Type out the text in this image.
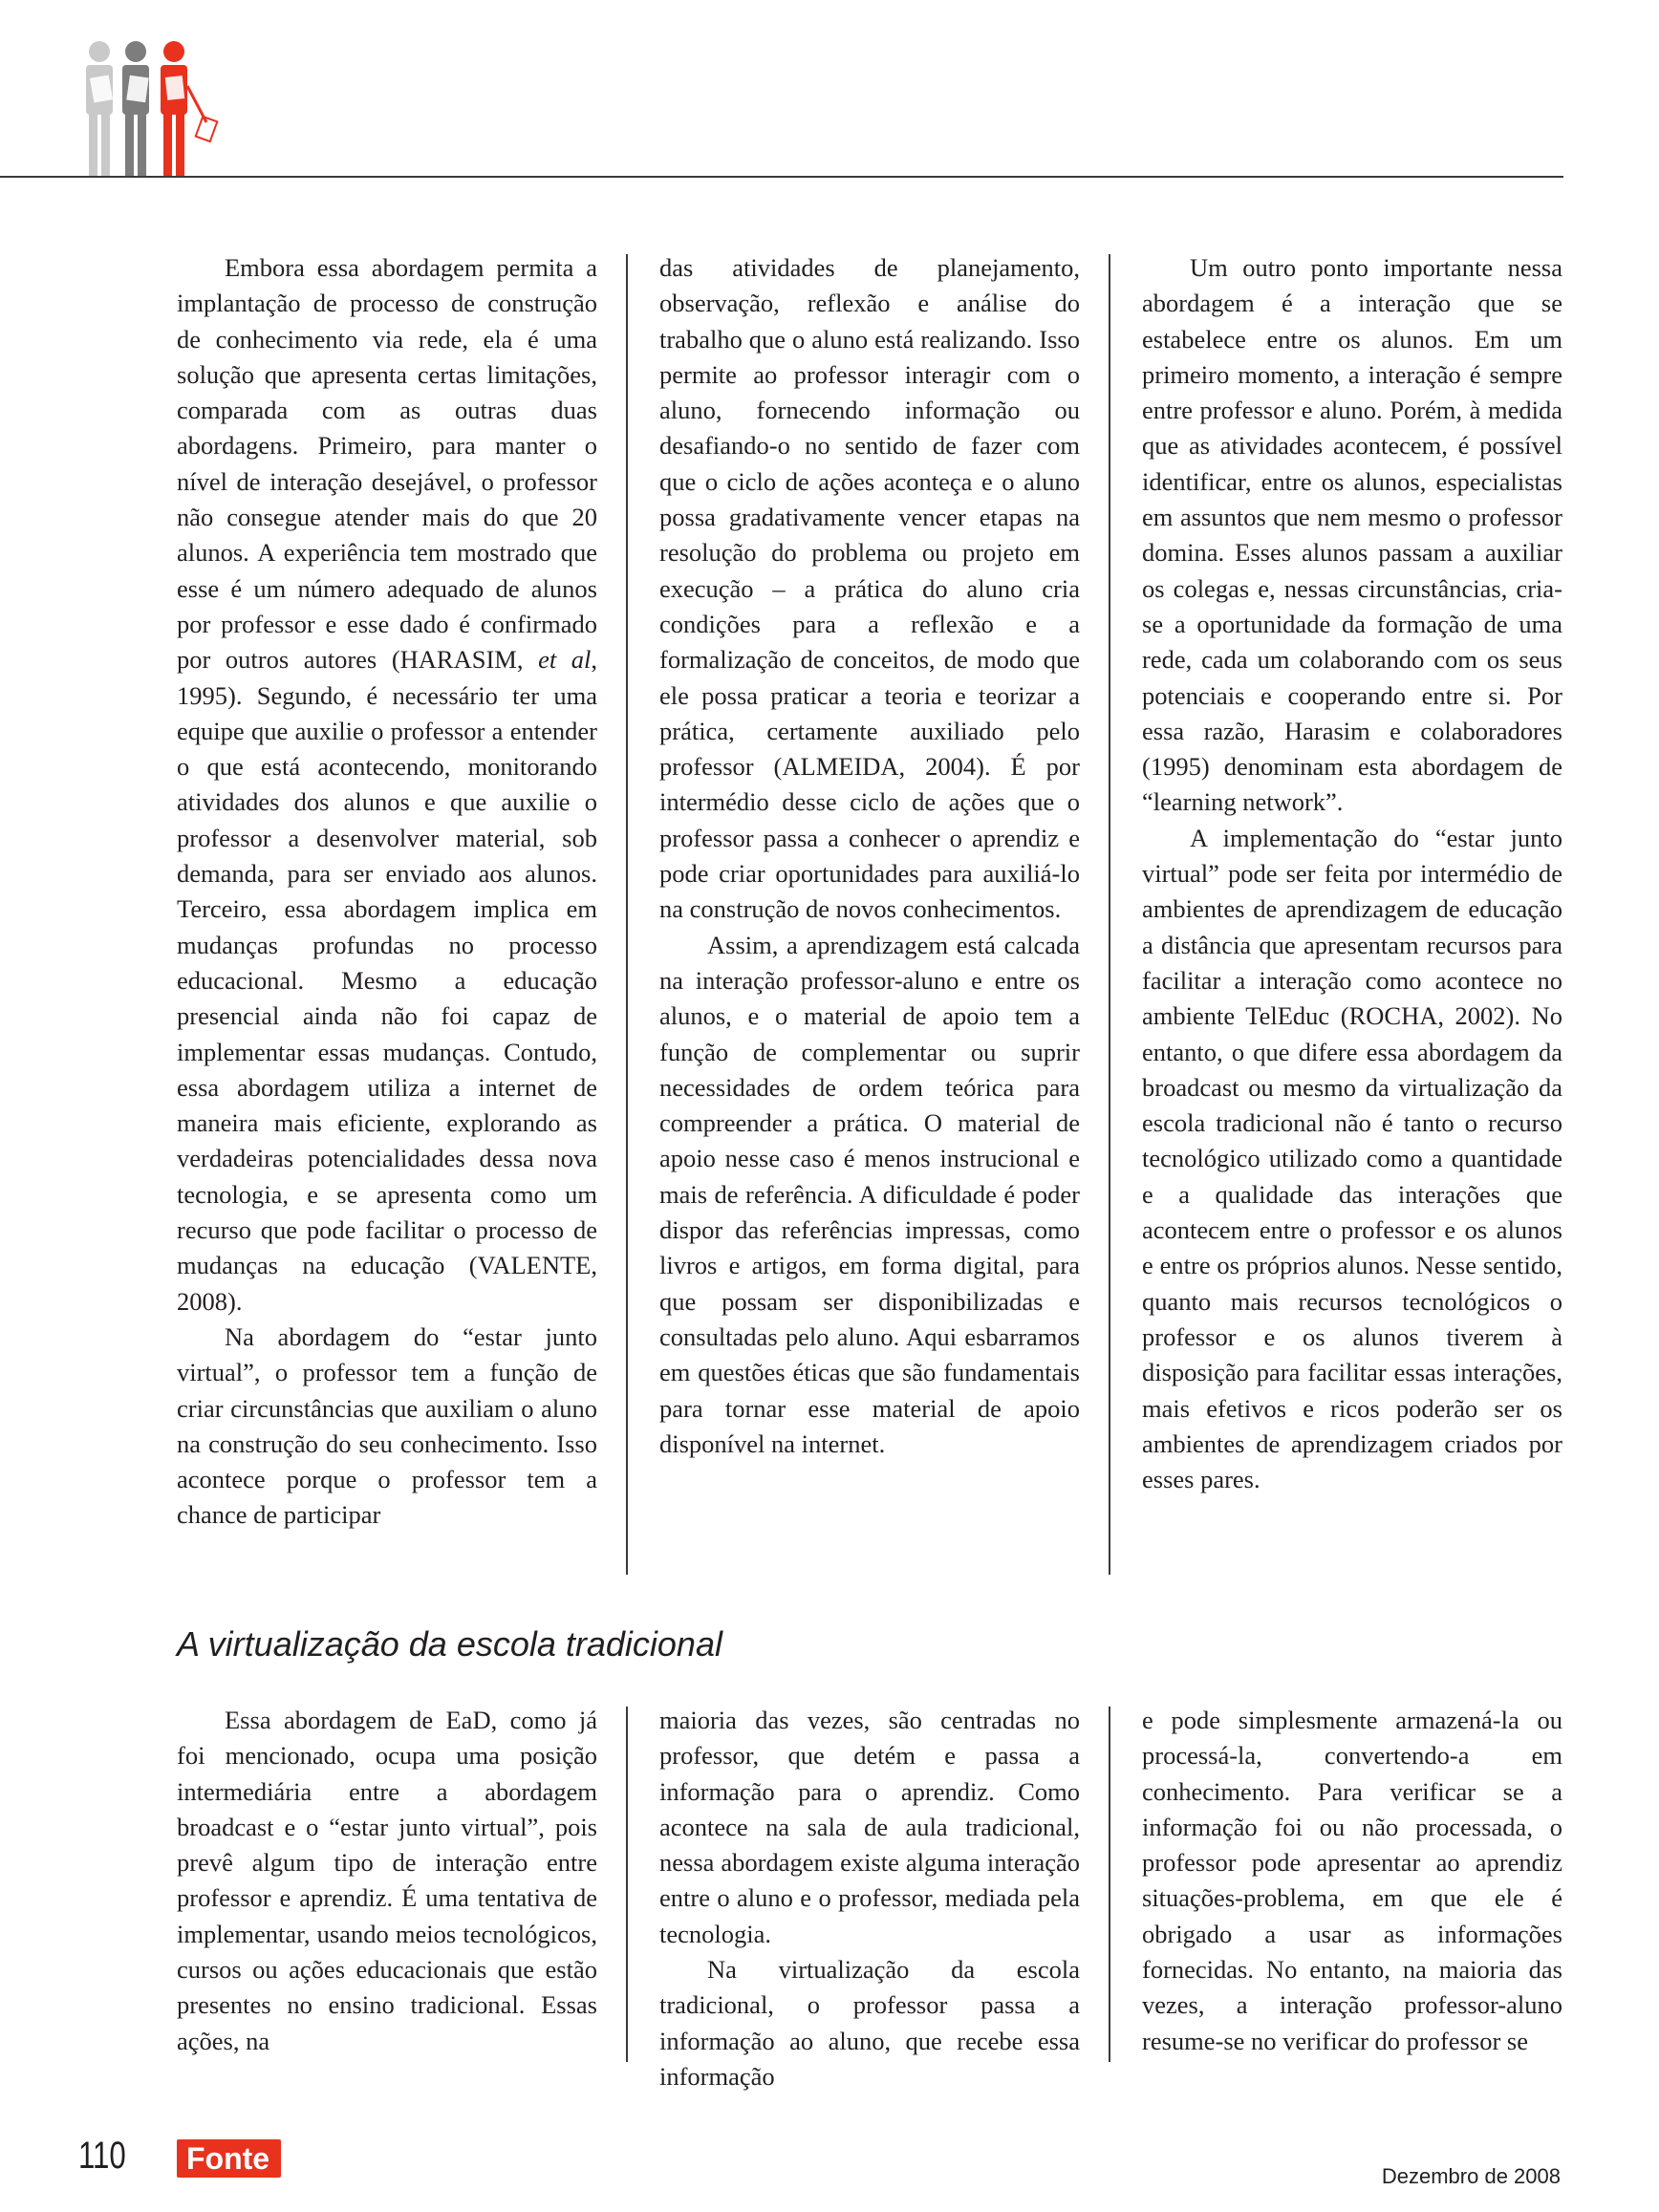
Embora essa abordagem permita a implantação de processo de construção de conhecimento via rede, ela é uma solução que apresenta certas limitações, comparada com as outras duas abordagens. Primeiro, para manter o nível de interação desejável, o professor não consegue atender mais do que 20 alunos. A experiência tem mostrado que esse é um número adequado de alunos por professor e esse dado é confirmado por outros autores (HARASIM, et al, 1995). Segundo, é necessário ter uma equipe que auxilie o professor a entender o que está acontecendo, monitorando atividades dos alunos e que auxilie o professor a desenvolver material, sob demanda, para ser enviado aos alunos. Terceiro, essa abordagem implica em mudanças profundas no processo educacional. Mesmo a educação presencial ainda não foi capaz de implementar essas mudanças. Contudo, essa abordagem utiliza a internet de maneira mais eficiente, explorando as verdadeiras potencialidades dessa nova tecnologia, e se apresenta como um recurso que pode facilitar o processo de mudanças na educação (VALENTE, 2008).

Na abordagem do “estar junto virtual”, o professor tem a função de criar circunstâncias que auxiliam o aluno na construção do seu conhecimento. Isso acontece porque o professor tem a chance de participar

das atividades de planejamento, observação, reflexão e análise do trabalho que o aluno está realizando. Isso permite ao professor interagir com o aluno, fornecendo informação ou desafiando-o no sentido de fazer com que o ciclo de ações aconteça e o aluno possa gradativamente vencer etapas na resolução do problema ou projeto em execução – a prática do aluno cria condições para a reflexão e a formalização de conceitos, de modo que ele possa praticar a teoria e teorizar a prática, certamente auxiliado pelo professor (ALMEIDA, 2004). É por intermédio desse ciclo de ações que o professor passa a conhecer o aprendiz e pode criar oportunidades para auxiliá-lo na construção de novos conhecimentos.

Assim, a aprendizagem está calcada na interação professor-aluno e entre os alunos, e o material de apoio tem a função de complementar ou suprir necessidades de ordem teórica para compreender a prática. O material de apoio nesse caso é menos instrucional e mais de referência. A dificuldade é poder dispor das referências impressas, como livros e artigos, em forma digital, para que possam ser disponibilizadas e consultadas pelo aluno. Aqui esbarramos em questões éticas que são fundamentais para tornar esse material de apoio disponível na internet.

Um outro ponto importante nessa abordagem é a interação que se estabelece entre os alunos. Em um primeiro momento, a interação é sempre entre professor e aluno. Porém, à medida que as atividades acontecem, é possível identificar, entre os alunos, especialistas em assuntos que nem mesmo o professor domina. Esses alunos passam a auxiliar os colegas e, nessas circunstâncias, cria-se a oportunidade da formação de uma rede, cada um colaborando com os seus potenciais e cooperando entre si. Por essa razão, Harasim e colaboradores (1995) denominam esta abordagem de “learning network”.

A implementação do “estar junto virtual” pode ser feita por intermédio de ambientes de aprendizagem de educação a distância que apresentam recursos para facilitar a interação como acontece no ambiente TelEduc (ROCHA, 2002). No entanto, o que difere essa abordagem da broadcast ou mesmo da virtualização da escola tradicional não é tanto o recurso tecnológico utilizado como a quantidade e a qualidade das interações que acontecem entre o professor e os alunos e entre os próprios alunos. Nesse sentido, quanto mais recursos tecnológicos o professor e os alunos tiverem à disposição para facilitar essas interações, mais efetivos e ricos poderão ser os ambientes de aprendizagem criados por esses pares.

A virtualização da escola tradicional

Essa abordagem de EaD, como já foi mencionado, ocupa uma posição intermediária entre a abordagem broadcast e o “estar junto virtual”, pois prevê algum tipo de interação entre professor e aprendiz. É uma tentativa de implementar, usando meios tecnológicos, cursos ou ações educacionais que estão presentes no ensino tradicional. Essas ações, na

maioria das vezes, são centradas no professor, que detém e passa a informação para o aprendiz. Como acontece na sala de aula tradicional, nessa abordagem existe alguma interação entre o aluno e o professor, mediada pela tecnologia.

Na virtualização da escola tradicional, o professor passa a informação ao aluno, que recebe essa informação

e pode simplesmente armazená-la ou processá-la, convertendo-a em conhecimento. Para verificar se a informação foi ou não processada, o professor pode apresentar ao aprendiz situações-problema, em que ele é obrigado a usar as informações fornecidas. No entanto, na maioria das vezes, a interação professor-aluno resume-se no verificar do professor se

110	Fonte
Dezembro de 2008
